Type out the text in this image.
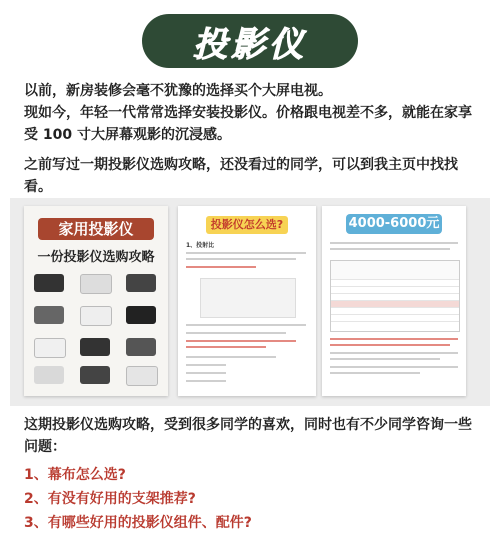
投影仪
以前，新房装修会毫不犹豫的选择买个大屏电视。
现如今，年轻一代常常选择安装投影仪。价格跟电视差不多，就能在家享受 100 寸大屏幕观影的沉浸感。
之前写过一期投影仪选购攻略，还没看过的同学，可以到我主页中找找看。
家用投影仪
一份投影仪选购攻略
投影仪怎么选?
1、投射比
4000-6000元
这期投影仪选购攻略，受到很多同学的喜欢，同时也有不少同学咨询一些问题：
1、幕布怎么选?
2、有没有好用的支架推荐?
3、有哪些好用的投影仪组件、配件?
